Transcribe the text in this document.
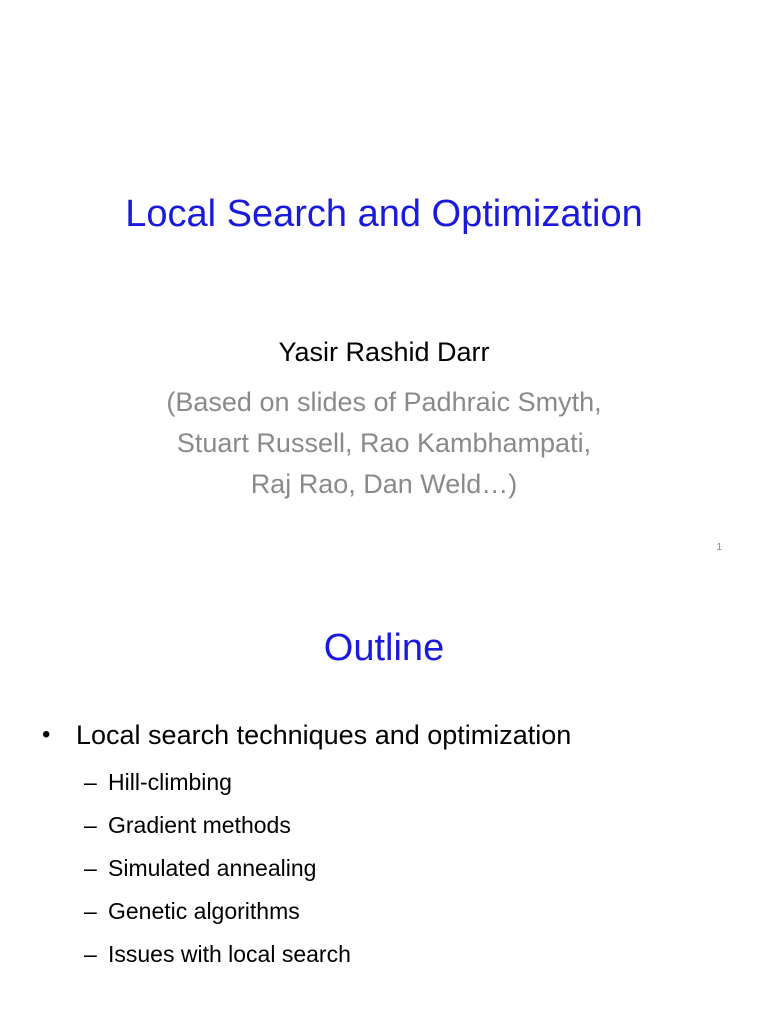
Local Search and Optimization
Yasir Rashid Darr
(Based on slides of Padhraic Smyth,
Stuart Russell, Rao Kambhampati,
Raj Rao, Dan Weld…)
1
Outline
• Local search techniques and optimization
– Hill-climbing
– Gradient methods
– Simulated annealing
– Genetic algorithms
– Issues with local search
